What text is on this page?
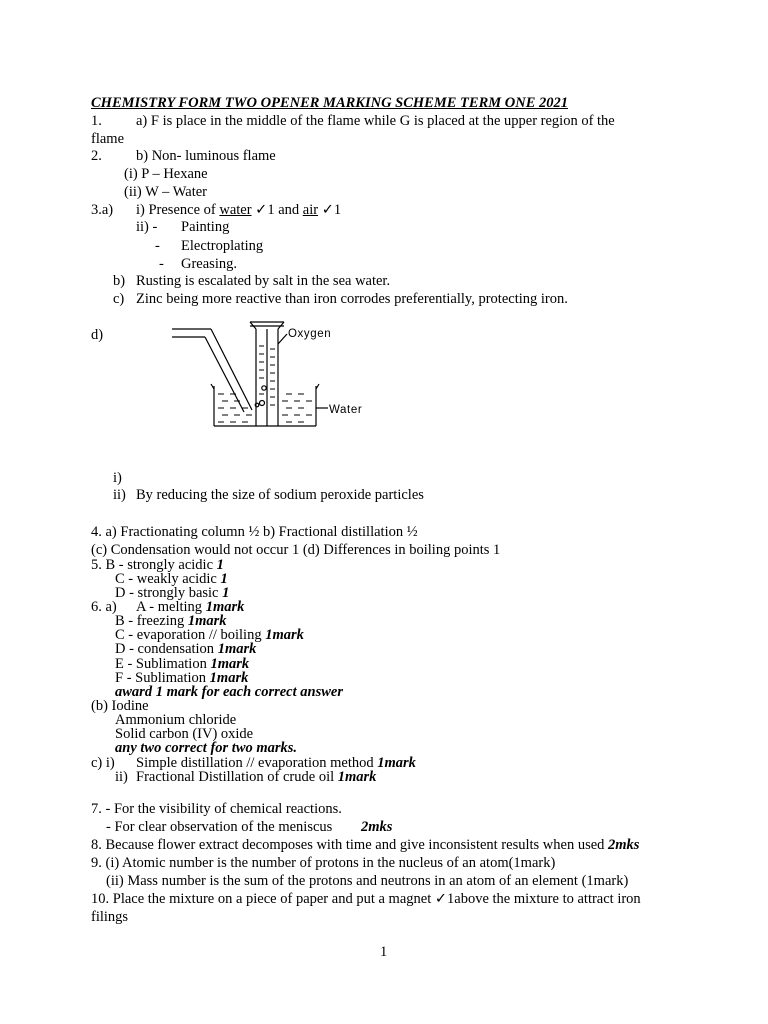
CHEMISTRY FORM TWO OPENER MARKING SCHEME TERM ONE 2021
1. a) F is place in the middle of the flame while G is placed at the upper region of the
flame
2. b) Non- luminous flame
(i) P – Hexane
(ii) W – Water
3.a) i) Presence of water ✓1 and air ✓1
ii) - Painting
- Electroplating
- Greasing.
b) Rusting is escalated by salt in the sea water.
c) Zinc being more reactive than iron corrodes preferentially, protecting iron.
d)	Oxygen
Water
i)
ii) By reducing the size of sodium peroxide particles
4. a) Fractionating column ½ b) Fractional distillation ½
(c) Condensation would not occur 1 (d) Differences in boiling points 1
5. B - strongly acidic 1
C - weakly acidic 1
D - strongly basic 1
6. a) A - melting 1mark
B - freezing 1mark
C - evaporation // boiling 1mark
D - condensation 1mark
E - Sublimation 1mark
F - Sublimation 1mark
award 1 mark for each correct answer
(b) Iodine
Ammonium chloride
Solid carbon (IV) oxide
any two correct for two marks.
c) i) Simple distillation // evaporation method 1mark
ii) Fractional Distillation of crude oil 1mark
7. - For the visibility of chemical reactions.
- For clear observation of the meniscus 2mks
8. Because flower extract decomposes with time and give inconsistent results when used 2mks
9. (i) Atomic number is the number of protons in the nucleus of an atom(1mark)
(ii) Mass number is the sum of the protons and neutrons in an atom of an element (1mark)
10. Place the mixture on a piece of paper and put a magnet ✓1above the mixture to attract iron
filings
1
